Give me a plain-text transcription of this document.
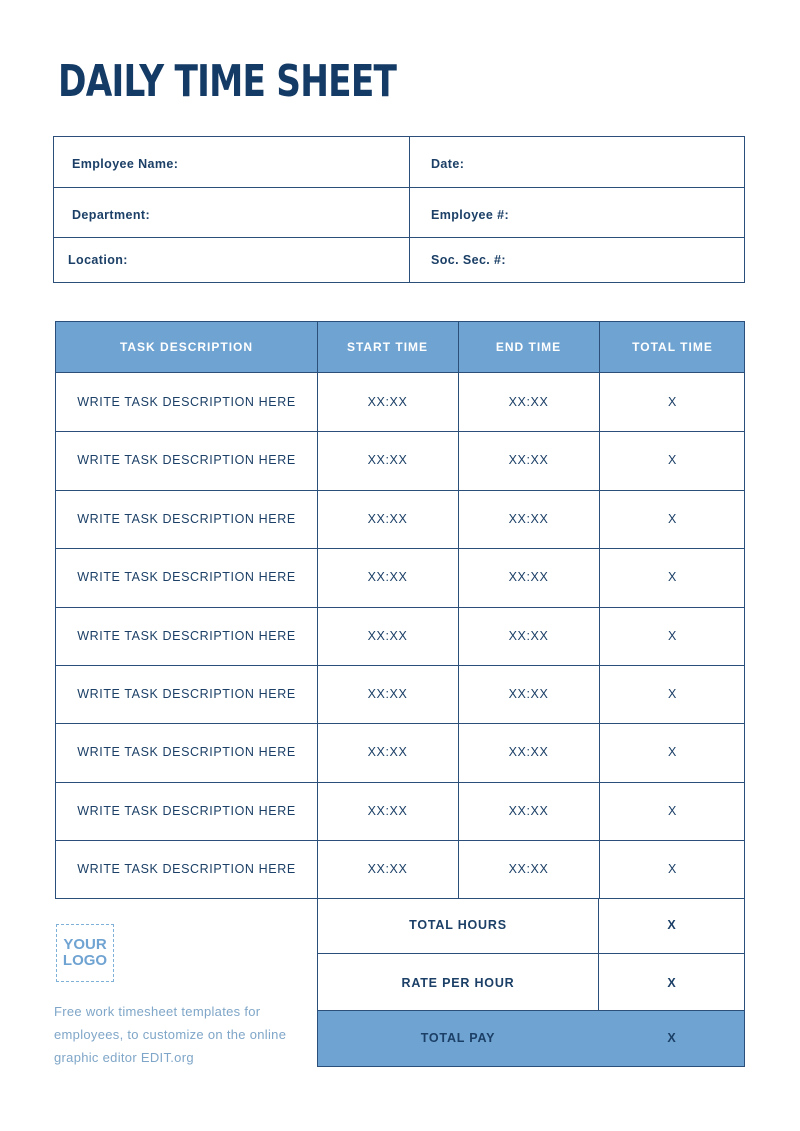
DAILY TIME SHEET
Employee Name:	Date:
Department:	Employee #:
Location:	Soc. Sec. #:
TASK DESCRIPTION	START TIME	END TIME	TOTAL TIME
WRITE TASK DESCRIPTION HERE	XX:XX	XX:XX	X
WRITE TASK DESCRIPTION HERE	XX:XX	XX:XX	X
WRITE TASK DESCRIPTION HERE	XX:XX	XX:XX	X
WRITE TASK DESCRIPTION HERE	XX:XX	XX:XX	X
WRITE TASK DESCRIPTION HERE	XX:XX	XX:XX	X
WRITE TASK DESCRIPTION HERE	XX:XX	XX:XX	X
WRITE TASK DESCRIPTION HERE	XX:XX	XX:XX	X
WRITE TASK DESCRIPTION HERE	XX:XX	XX:XX	X
WRITE TASK DESCRIPTION HERE	XX:XX	XX:XX	X
TOTAL HOURS	X
RATE PER HOUR	X
TOTAL PAY	X
YOUR
LOGO
Free work timesheet templates for employees, to customize on the online graphic editor EDIT.org
